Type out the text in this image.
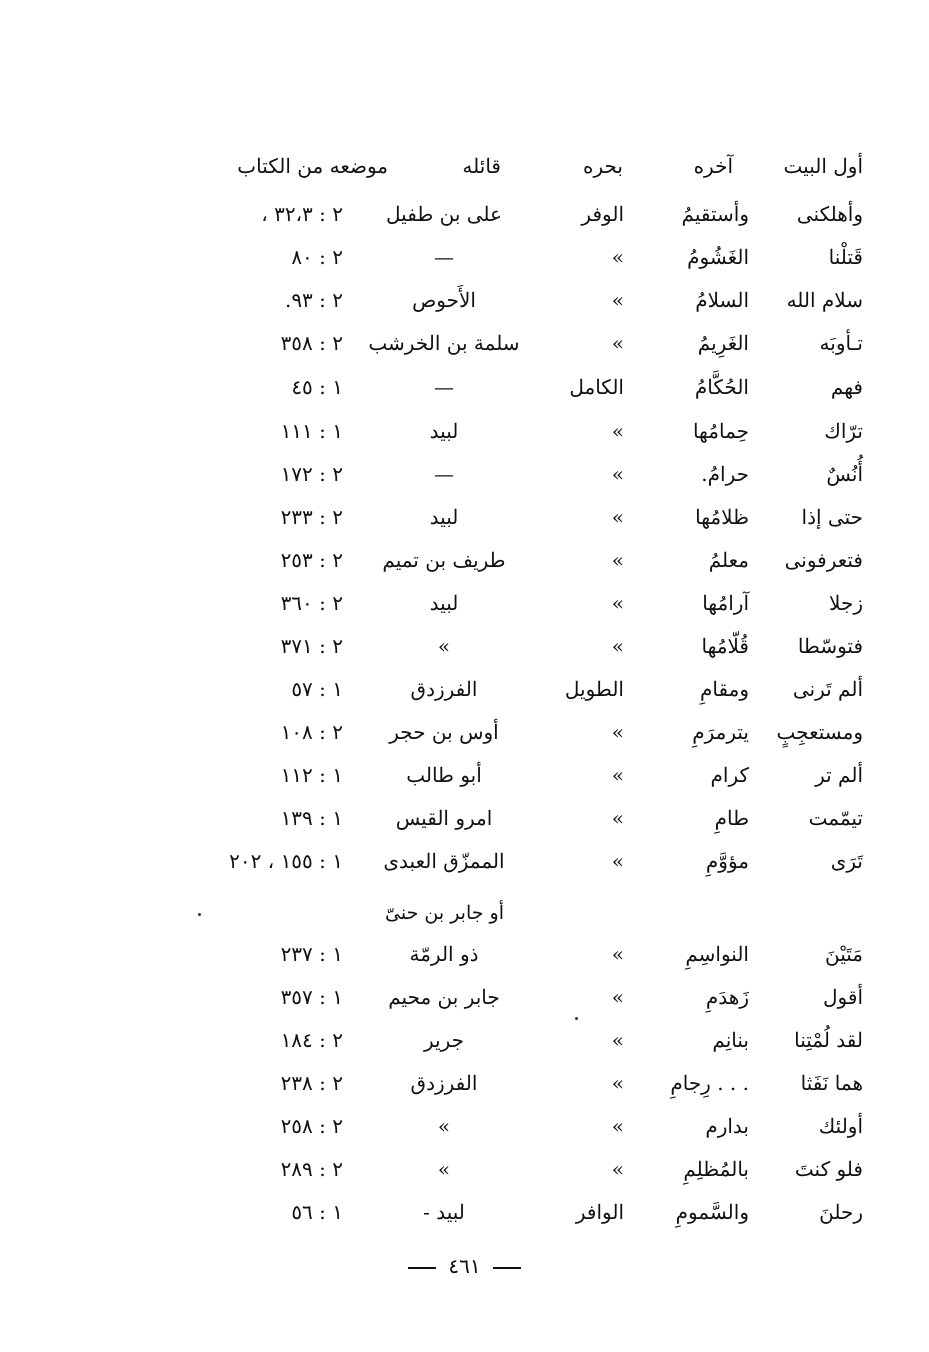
أول البيت
آخره
بحره
قائله
موضعه من الكتاب
وأهلكنى
وأستقيمُ
الوفر
على بن طفيل
٢ : ٣٢،٣ ،
قَتلْنا
الغَشُومُ
»
—
٢ : ٨٠
سلام الله
السلامُ
»
الأَحوص
٢ : ٩٣.
تـأوبَه
الغَرِيمُ
»
سلمة بن الخرشب
٢ : ٣٥٨
فهم
الحُكَّامُ
الكامل
—
١ : ٤٥
ترّاك
حِمامُها
»
لبيد
١ : ١١١
أُنُسٌ
حرامُ.
»
—
٢ : ١٧٢
حتى إذا
ظلامُها
»
لبيد
٢ : ٢٣٣
فتعرفونى
معلمُ
»
طريف بن تميم
٢ : ٢٥٣
زجلا
آرامُها
»
لبيد
٢ : ٣٦٠
فتوسّطا
قُلّامُها
»
»
٢ : ٣٧١
ألم تَرنى
ومقامِ
الطويل
الفرزدق
١ : ٥٧
ومستعجِبٍ
يترمرَمِ
»
أوس بن حجر
٢ : ١٠٨
ألم تر
كرام
»
أبو طالب
١ : ١١٢
تيمّمت
طامِ
»
امرو القيس
١ : ١٣٩
تَرَى
مؤوَّمِ
»
الممزّق العبدى
١ : ١٥٥ ، ٢٠٢
مَتَيْنَ
النواسِمِ
»
ذو الرمّة
١ : ٢٣٧
أقول
زَهدَمِ
»
جابر بن محيم
١ : ٣٥٧
لقد لُمْتِنا
بنانِم
»
جرير
٢ : ١٨٤
هما نَفَثا
. . . رِجامِ
»
الفرزدق
٢ : ٢٣٨
أولئك
بدارم
»
»
٢ : ٢٥٨
فلو كنتَ
بالمُظلِمِ
»
»
٢ : ٢٨٩
رحلنَ
والسَّمومِ
الوافر
لبيد -
١ : ٥٦
أو جابر بن حنىّ
٤٦١
